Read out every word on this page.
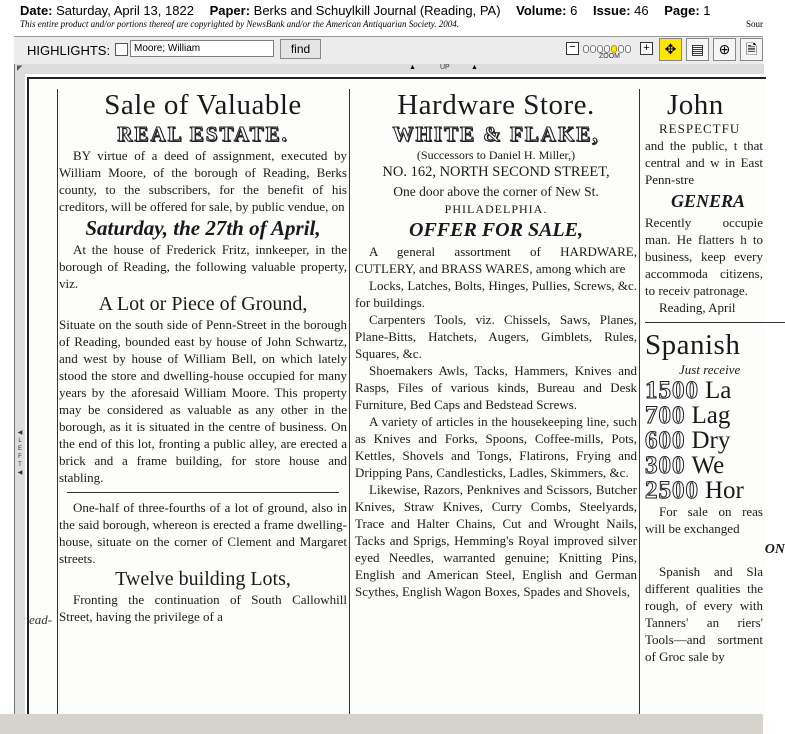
Date: Saturday, April 13, 1822 Paper: Berks and Schuylkill Journal (Reading, PA) Volume: 6 Issue: 46 Page: 1
This entire product and/or portions thereof are copyrighted by NewsBank and/or the American Antiquarian Society. 2004.	Sour
HIGHLIGHTS:
Moore; William	find	−
ZOOM
+	✥	▤	⊕	🗎
▲	UP	▲
◤
◀
LEFT
◀
ead-
Sale of Valuable
REAL ESTATE.

BY virtue of a deed of assignment, executed by William Moore, of the borough of Reading, Berks county, to the subscribers, for the benefit of his creditors, will be offered for sale, by public vendue, on

Saturday, the 27th of April,

At the house of Frederick Fritz, innkeeper, in the borough of Reading, the following valuable property, viz.

A Lot or Piece of Ground,

Situate on the south side of Penn-Street in the borough of Reading, bounded east by house of John Schwartz, and west by house of William Bell, on which lately stood the store and dwelling-house occupied for many years by the aforesaid William Moore. This property may be considered as valuable as any other in the borough, as it is situated in the centre of business. On the end of this lot, fronting a public alley, are erected a brick and a frame building, for store house and stabling.

One-half of three-fourths of a lot of ground, also in the said borough, whereon is erected a frame dwelling-house, situate on the corner of Clement and Margaret streets.

Twelve building Lots,

Fronting the continuation of South Callowhill Street, having the privilege of a

Hardware Store.
WHITE & FLAKE,
(Successors to Daniel H. Miller,)
NO. 162, NORTH SECOND STREET,
One door above the corner of New St.
PHILADELPHIA.
OFFER FOR SALE,

A general assortment of HARDWARE, CUTLERY, and BRASS WARES, among which are

Locks, Latches, Bolts, Hinges, Pullies, Screws, &c. for buildings.

Carpenters Tools, viz. Chissels, Saws, Planes, Plane-Bitts, Hatchets, Augers, Gimblets, Rules, Squares, &c.

Shoemakers Awls, Tacks, Hammers, Knives and Rasps, Files of various kinds, Bureau and Desk Furniture, Bed Caps and Bedstead Screws.

A variety of articles in the housekeeping line, such as Knives and Forks, Spoons, Coffee-mills, Pots, Kettles, Shovels and Tongs, Flatirons, Frying and Dripping Pans, Candlesticks, Ladles, Skimmers, &c.

Likewise, Razors, Penknives and Scissors, Butcher Knives, Straw Knives, Curry Combs, Steelyards, Trace and Halter Chains, Cut and Wrought Nails, Tacks and Sprigs, Hemming's Royal improved silver eyed Needles, warranted genuine; Knitting Pins, English and American Steel, English and German Scythes, English Wagon Boxes, Spades and Shovels,

John
RESPECTFU

and the public, t that central and w in East Penn-stre

GENERA

Recently occupie man. He flatters h to business, keep every accommoda citizens, to receiv patronage.

Reading, April
Spanish
Just receive
1500 La
700 Lag
600 Dry
300 We
2500 Hor

For sale on reas will be exchanged

ON

Spanish and Sla different qualities the rough, of every with Tanners' an riers' Tools—and sortment of Groc sale by
